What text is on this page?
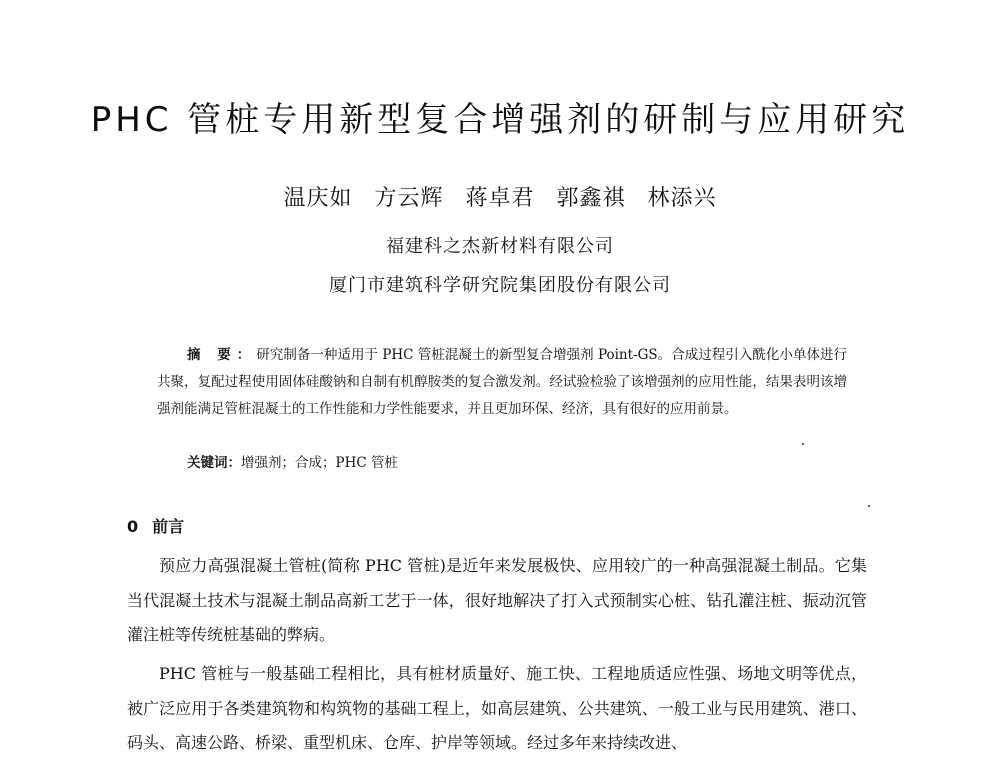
PHC 管桩专用新型复合增强剂的研制与应用研究
温庆如 方云辉 蒋卓君 郭鑫祺 林添兴
福建科之杰新材料有限公司
厦门市建筑科学研究院集团股份有限公司
摘 要：研究制备一种适用于 PHC 管桩混凝土的新型复合增强剂 Point-GS。合成过程引入酰化小单体进行共聚，复配过程使用固体硅酸钠和自制有机醇胺类的复合激发剂。经试验检验了该增强剂的应用性能，结果表明该增强剂能满足管桩混凝土的工作性能和力学性能要求，并且更加环保、经济，具有很好的应用前景。
关键词：增强剂；合成；PHC 管桩
0 前言

预应力高强混凝土管桩(简称 PHC 管桩)是近年来发展极快、应用较广的一种高强混凝土制品。它集当代混凝土技术与混凝土制品高新工艺于一体，很好地解决了打入式预制实心桩、钻孔灌注桩、振动沉管灌注桩等传统桩基础的弊病。

PHC 管桩与一般基础工程相比，具有桩材质量好、施工快、工程地质适应性强、场地文明等优点，被广泛应用于各类建筑物和构筑物的基础工程上，如高层建筑、公共建筑、一般工业与民用建筑、港口、码头、高速公路、桥梁、重型机床、仓库、护岸等领域。经过多年来持续改进、
